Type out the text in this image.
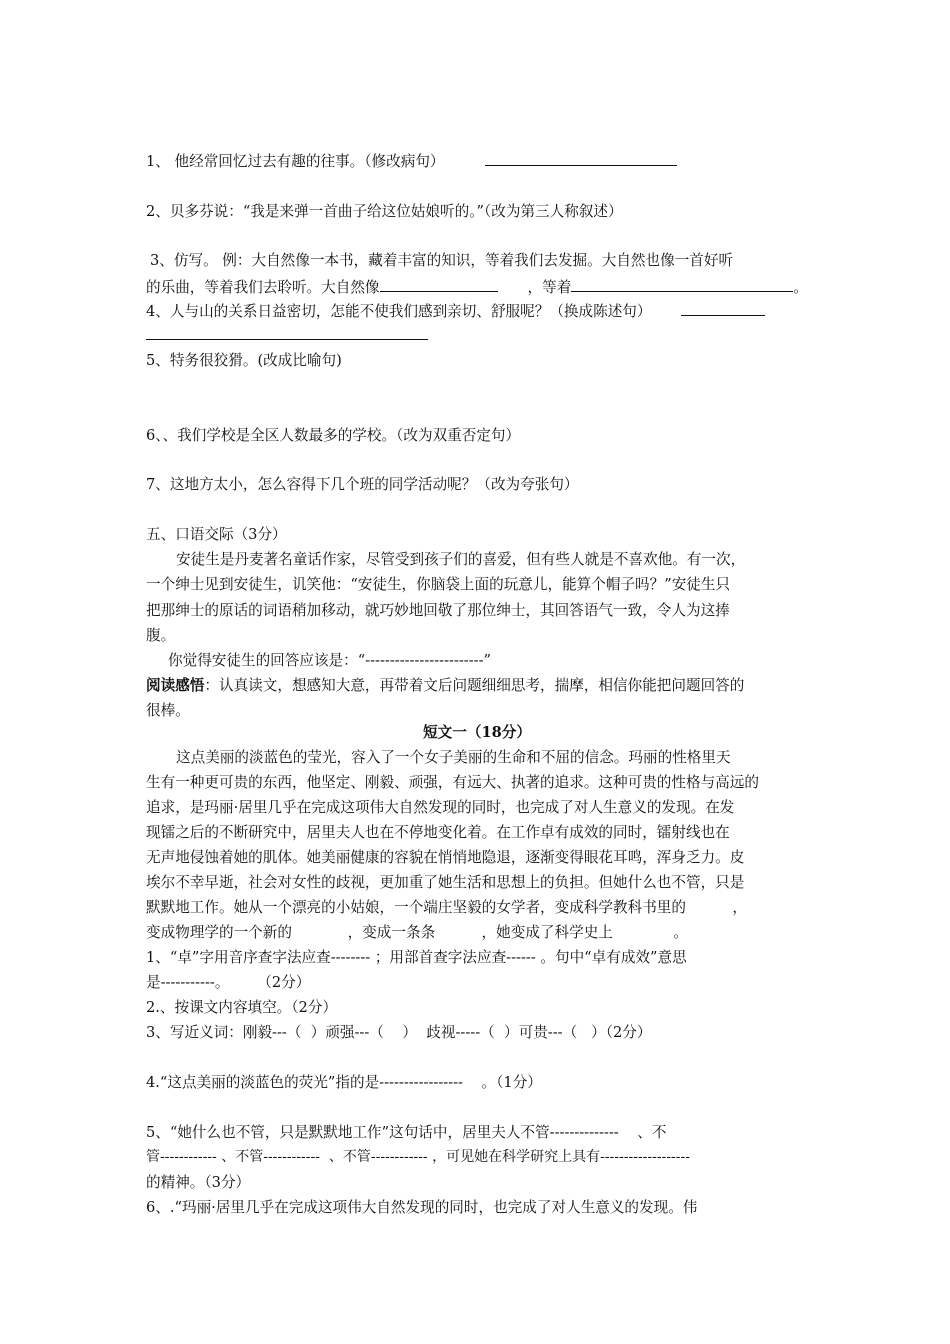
1、 他经常回忆过去有趣的往事。（修改病句）
2、贝多芬说：“我是来弹一首曲子给这位姑娘听的。”（改为第三人称叙述）
3、仿写。 例：大自然像一本书，藏着丰富的知识，等着我们去发掘。大自然也像一首好听
的乐曲，等着我们去聆听。大自然像	，等着	。
4、人与山的关系日益密切，怎能不使我们感到亲切、舒服呢？（换成陈述句）
5、特务很狡猾。(改成比喻句)
6、、我们学校是全区人数最多的学校。（改为双重否定句）
7、这地方太小，怎么容得下几个班的同学活动呢？（改为夸张句）
五、口语交际（3分）
安徒生是丹麦著名童话作家，尽管受到孩子们的喜爱，但有些人就是不喜欢他。有一次，
一个绅士见到安徒生，讥笑他：“安徒生，你脑袋上面的玩意儿，能算个帽子吗？”安徒生只
把那绅士的原话的词语稍加移动，就巧妙地回敬了那位绅士，其回答语气一致，令人为这捧
腹。
你觉得安徒生的回答应该是：“------------------------”
阅读感悟：认真读文，想感知大意，再带着文后问题细细思考，揣摩，相信你能把问题回答的
很棒。
短文一（18分）
这点美丽的淡蓝色的莹光，容入了一个女子美丽的生命和不屈的信念。玛丽的性格里天
生有一种更可贵的东西，他坚定、刚毅、顽强，有远大、执著的追求。这种可贵的性格与高远的
追求，是玛丽·居里几乎在完成这项伟大自然发现的同时，也完成了对人生意义的发现。在发
现镭之后的不断研究中，居里夫人也在不停地变化着。在工作卓有成效的同时，镭射线也在
无声地侵蚀着她的肌体。她美丽健康的容貌在悄悄地隐退，逐渐变得眼花耳鸣，浑身乏力。皮
埃尔不幸早逝，社会对女性的歧视，更加重了她生活和思想上的负担。但她什么也不管，只是
默默地工作。她从一个漂亮的小姑娘，一个端庄坚毅的女学者，变成科学教科书里的          ，
变成物理学的一个新的            ，变成一条条          ，她变成了科学史上             。
1、“卓”字用音序查字法应查-------- ；用部首查字法应查------ 。句中“卓有成效”意思
是-----------。      （2分）
2.、按课文内容填空。（2分）
3、写近义词：刚毅---（  ）顽强---（    ）  歧视-----（  ）可贵---（   ）（2分）
4.“这点美丽的淡蓝色的荧光”指的是-----------------    。（1分）
5、“她什么也不管，只是默默地工作”这句话中，居里夫人不管--------------    、不
管------------ 、不管------------  、不管------------ ，可见她在科学研究上具有-------------------
的精神。（3分）
6、.“玛丽·居里几乎在完成这项伟大自然发现的同时，也完成了对人生意义的发现。伟
